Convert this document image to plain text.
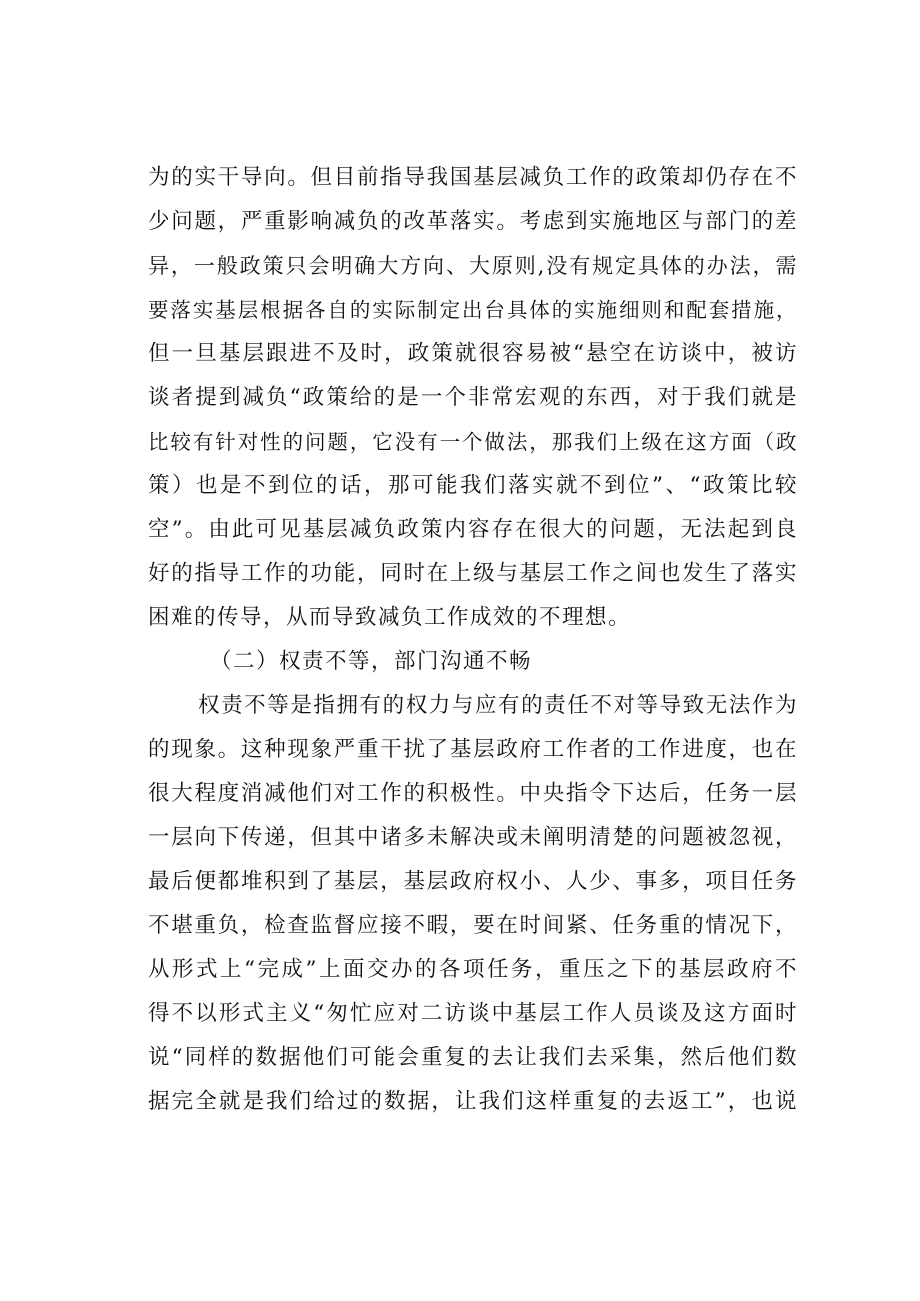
为的实干导向。但目前指导我国基层减负工作的政策却仍存在不
少问题，严重影响减负的改革落实。考虑到实施地区与部门的差
异，一般政策只会明确大方向、大原则,没有规定具体的办法，需
要落实基层根据各自的实际制定出台具体的实施细则和配套措施，
但一旦基层跟进不及时，政策就很容易被“悬空在访谈中，被访
谈者提到减负“政策给的是一个非常宏观的东西，对于我们就是
比较有针对性的问题，它没有一个做法，那我们上级在这方面（政
策）也是不到位的话，那可能我们落实就不到位”、“政策比较
空”。由此可见基层减负政策内容存在很大的问题，无法起到良
好的指导工作的功能，同时在上级与基层工作之间也发生了落实
困难的传导，从而导致减负工作成效的不理想。
（二）权责不等，部门沟通不畅
权责不等是指拥有的权力与应有的责任不对等导致无法作为
的现象。这种现象严重干扰了基层政府工作者的工作进度，也在
很大程度消减他们对工作的积极性。中央指令下达后，任务一层
一层向下传递，但其中诸多未解决或未阐明清楚的问题被忽视，
最后便都堆积到了基层，基层政府权小、人少、事多，项目任务
不堪重负，检查监督应接不暇，要在时间紧、任务重的情况下，
从形式上“完成”上面交办的各项任务，重压之下的基层政府不
得不以形式主义“匆忙应对二访谈中基层工作人员谈及这方面时
说“同样的数据他们可能会重复的去让我们去采集，然后他们数
据完全就是我们给过的数据，让我们这样重复的去返工”，也说
